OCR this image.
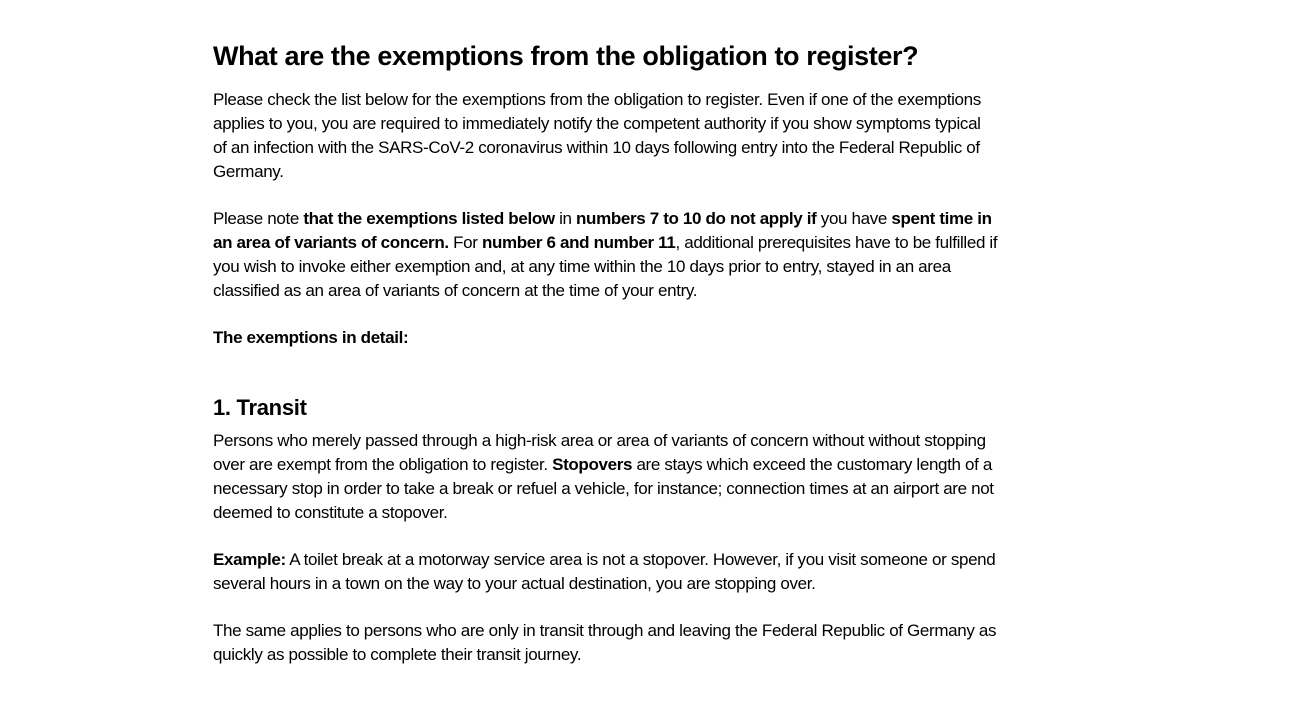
What are the exemptions from the obligation to register?

Please check the list below for the exemptions from the obligation to register. Even if one of the exemptions applies to you, you are required to immediately notify the competent authority if you show symptoms typical of an infection with the SARS-CoV-2 coronavirus within 10 days following entry into the Federal Republic of Germany.

Please note that the exemptions listed below in numbers 7 to 10 do not apply if you have spent time in an area of variants of concern. For number 6 and number 11, additional prerequisites have to be fulfilled if you wish to invoke either exemption and, at any time within the 10 days prior to entry, stayed in an area classified as an area of variants of concern at the time of your entry.

The exemptions in detail:

1. Transit

Persons who merely passed through a high-risk area or area of variants of concern without without stopping over are exempt from the obligation to register. Stopovers are stays which exceed the customary length of a necessary stop in order to take a break or refuel a vehicle, for instance; connection times at an airport are not deemed to constitute a stopover.

Example: A toilet break at a motorway service area is not a stopover. However, if you visit someone or spend several hours in a town on the way to your actual destination, you are stopping over.

The same applies to persons who are only in transit through and leaving the Federal Republic of Germany as quickly as possible to complete their transit journey.
